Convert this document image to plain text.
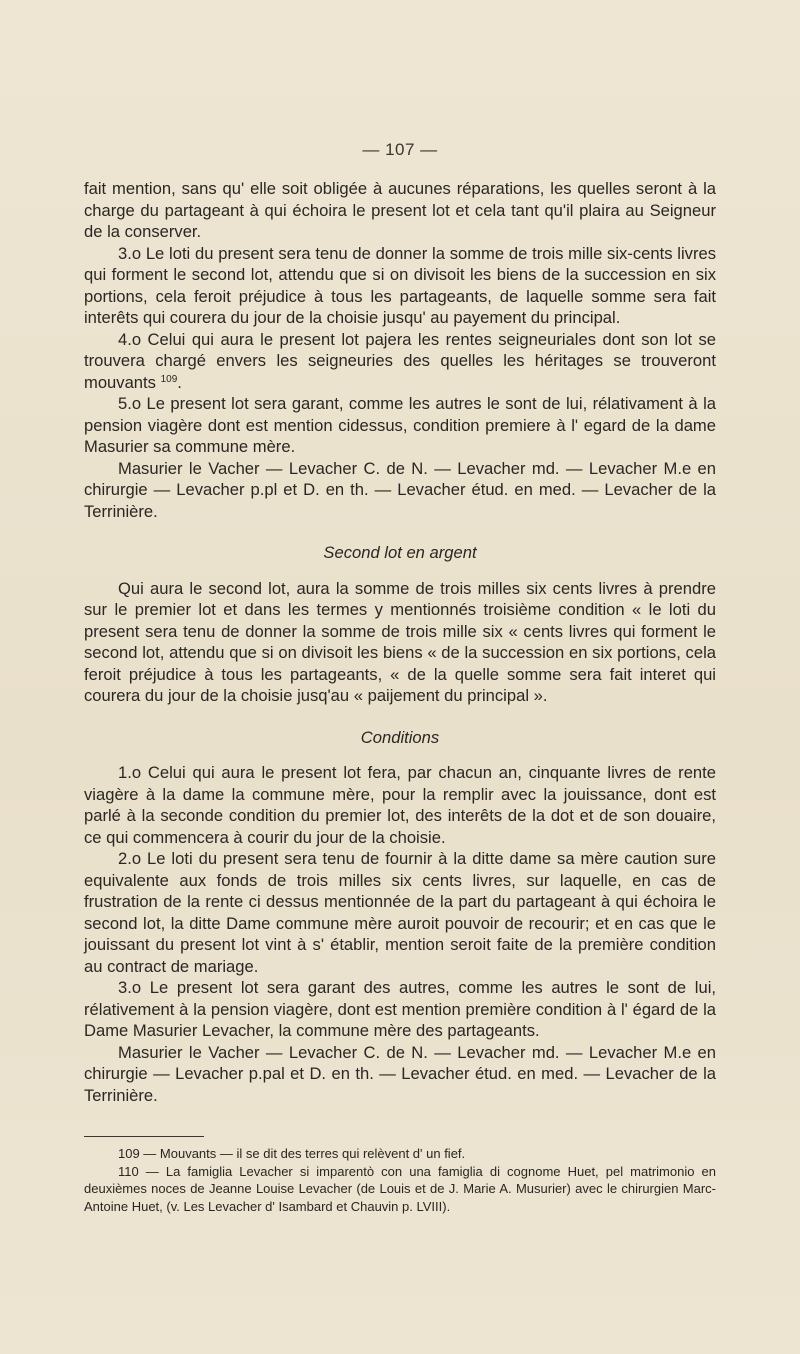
— 107 —

fait mention, sans qu' elle soit obligée à aucunes réparations, les quelles seront à la charge du partageant à qui échoira le present lot et cela tant qu'il plaira au Seigneur de la conserver.

3.o Le loti du present sera tenu de donner la somme de trois mille six-cents livres qui forment le second lot, attendu que si on divisoit les biens de la succession en six portions, cela feroit préjudice à tous les partageants, de laquelle somme sera fait interêts qui courera du jour de la choisie jusqu' au payement du principal.

4.o Celui qui aura le present lot pajera les rentes seigneuriales dont son lot se trouvera chargé envers les seigneuries des quelles les héritages se trouveront mouvants $^{109}$.

5.o Le present lot sera garant, comme les autres le sont de lui, rélativament à la pension viagère dont est mention cidessus, condition premiere à l' egard de la dame Masurier sa commune mère.

Masurier le Vacher — Levacher C. de N. — Levacher md. — Levacher M.e en chirurgie — Levacher p.pl et D. en th. — Levacher étud. en med. — Levacher de la Terrinière.

Second lot en argent

Qui aura le second lot, aura la somme de trois milles six cents livres à prendre sur le premier lot et dans les termes y mentionnés troisième condition « le loti du present sera tenu de donner la somme de trois mille six « cents livres qui forment le second lot, attendu que si on divisoit les biens « de la succession en six portions, cela feroit préjudice à tous les partageants, « de la quelle somme sera fait interet qui courera du jour de la choisie jusq'au « paijement du principal ».

Conditions

1.o Celui qui aura le present lot fera, par chacun an, cinquante livres de rente viagère à la dame la commune mère, pour la remplir avec la jouissance, dont est parlé à la seconde condition du premier lot, des interêts de la dot et de son douaire, ce qui commencera à courir du jour de la choisie.

2.o Le loti du present sera tenu de fournir à la ditte dame sa mère caution sure equivalente aux fonds de trois milles six cents livres, sur laquelle, en cas de frustration de la rente ci dessus mentionnée de la part du partageant à qui échoira le second lot, la ditte Dame commune mère auroit pouvoir de recourir; et en cas que le jouissant du present lot vint à s' établir, mention seroit faite de la première condition au contract de mariage.

3.o Le present lot sera garant des autres, comme les autres le sont de lui, rélativement à la pension viagère, dont est mention première condition à l' égard de la Dame Masurier Levacher, la commune mère des partageants.

Masurier le Vacher — Levacher C. de N. — Levacher md. — Levacher M.e en chirurgie — Levacher p.pal et D. en th. — Levacher étud. en med. — Levacher de la Terrinière.

109 — Mouvants — il se dit des terres qui relèvent d' un fief.

110 — La famiglia Levacher si imparentò con una famiglia di cognome Huet, pel matrimonio en deuxièmes noces de Jeanne Louise Levacher (de Louis et de J. Marie A. Musurier) avec le chirurgien Marc-Antoine Huet, (v. Les Levacher d' Isambard et Chauvin p. LVIII).
